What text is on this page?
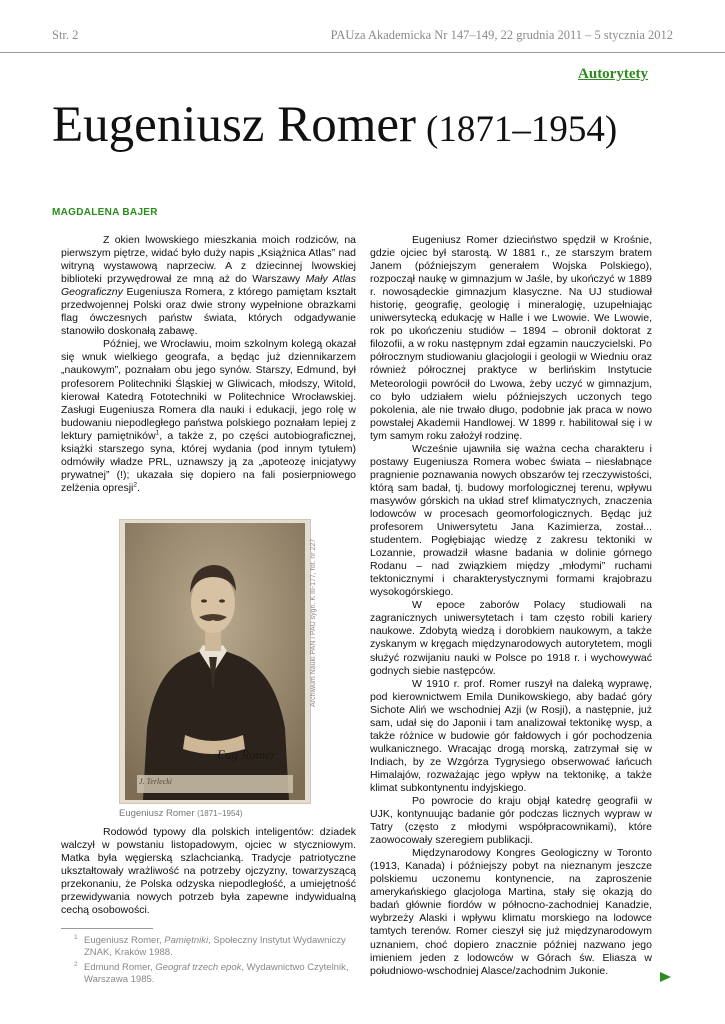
Str. 2	PAUza Akademicka Nr 147–149, 22 grudnia 2011 – 5 stycznia 2012
Autorytety
Eugeniusz Romer (1871–1954)
MAGDALENA BAJER

Z okien lwowskiego mieszkania moich rodziców, na pierwszym piętrze, widać było duży napis „Książnica Atlas” nad witryną wystawową naprzeciw. A z dziecinnej lwowskiej biblioteki przywędrował ze mną aż do Warszawy Mały Atlas Geograficzny Eugeniusza Romera, z którego pamiętam kształt przedwojennej Polski oraz dwie strony wypełnione obrazkami flag ówczesnych państw świata, których odgadywanie stanowiło doskonałą zabawę.

Później, we Wrocławiu, moim szkolnym kolegą okazał się wnuk wielkiego geografa, a będąc już dziennikarzem „naukowym”, poznałam obu jego synów. Starszy, Edmund, był profesorem Politechniki Śląskiej w Gliwicach, młodszy, Witold, kierował Katedrą Fototechniki w Politechnice Wrocławskiej. Zasługi Eugeniusza Romera dla nauki i edukacji, jego rolę w budowaniu niepodległego państwa polskiego poznałam lepiej z lektury pamiętników$^1$, a także z, po części autobiograficznej, książki starszego syna, której wydania (pod innym tytułem) odmówiły władze PRL, uznawszy ją za „apoteozę inicjatywy prywatnej” (!); ukazała się dopiero na fali posierpniowego zelżenia opresji$^2$.

J. Terlecki
Eug Romer
Archiwum Nauki PAN i PAU sygn. K III-177, fot. nr 227
Eugeniusz Romer (1871–1954)

Rodowód typowy dla polskich inteligentów: dziadek walczył w powstaniu listopadowym, ojciec w styczniowym. Matka była węgierską szlachcianką. Tradycje patriotyczne ukształtowały wrażliwość na potrzeby ojczyzny, towarzyszącą przekonaniu, że Polska odzyska niepodległość, a umiejętność przewidywania nowych potrzeb była zapewne indywidualną cechą osobowości.

1 Eugeniusz Romer, Pamiętniki, Społeczny Instytut Wydawniczy ZNAK, Kraków 1988.
2 Edmund Romer, Geograf trzech epok, Wydawnictwo Czytelnik, Warszawa 1985.

Eugeniusz Romer dzieciństwo spędził w Krośnie, gdzie ojciec był starostą. W 1881 r., ze starszym bratem Janem (późniejszym generałem Wojska Polskiego), rozpoczął naukę w gimnazjum w Jaśle, by ukończyć w 1889 r. nowosądeckie gimnazjum klasyczne. Na UJ studiował historię, geografię, geologię i mineralogię, uzupełniając uniwersytecką edukację w Halle i we Lwowie. We Lwowie, rok po ukończeniu studiów – 1894 – obronił doktorat z filozofii, a w roku następnym zdał egzamin nauczycielski. Po półrocznym studiowaniu glacjologii i geologii w Wiedniu oraz również półrocznej praktyce w berlińskim Instytucie Meteorologii powrócił do Lwowa, żeby uczyć w gimnazjum, co było udziałem wielu późniejszych uczonych tego pokolenia, ale nie trwało długo, podobnie jak praca w nowo powstałej Akademii Handlowej. W 1899 r. habilitował się i w tym samym roku założył rodzinę.

Wcześnie ujawniła się ważna cecha charakteru i postawy Eugeniusza Romera wobec świata – niesłabnące pragnienie poznawania nowych obszarów tej rzeczywistości, którą sam badał, tj. budowy morfologicznej terenu, wpływu masywów górskich na układ stref klimatycznych, znaczenia lodowców w procesach geomorfologicznych. Będąc już profesorem Uniwersytetu Jana Kazimierza, został... studentem. Pogłębiając wiedzę z zakresu tektoniki w Lozannie, prowadził własne badania w dolinie górnego Rodanu – nad związkiem między „młodymi” ruchami tektonicznymi i charakterystycznymi formami krajobrazu wysokogórskiego.

W epoce zaborów Polacy studiowali na zagranicznych uniwersytetach i tam często robili kariery naukowe. Zdobytą wiedzą i dorobkiem naukowym, a także zyskanym w kręgach międzynarodowych autorytetem, mogli służyć rozwijaniu nauki w Polsce po 1918 r. i wychowywać godnych siebie następców.

W 1910 r. prof. Romer ruszył na daleką wyprawę, pod kierownictwem Emila Dunikowskiego, aby badać góry Sichote Aliń we wschodniej Azji (w Rosji), a następnie, już sam, udał się do Japonii i tam analizował tektonikę wysp, a także różnice w budowie gór fałdowych i gór pochodzenia wulkanicznego. Wracając drogą morską, zatrzymał się w Indiach, by ze Wzgórza Tygrysiego obserwować łańcuch Himalajów, rozważając jego wpływ na tektonikę, a także klimat subkontynentu indyjskiego.

Po powrocie do kraju objął katedrę geografii w UJK, kontynuując badanie gór podczas licznych wypraw w Tatry (często z młodymi współpracownikami), które zaowocowały szeregiem publikacji.

Międzynarodowy Kongres Geologiczny w Toronto (1913, Kanada) i późniejszy pobyt na nieznanym jeszcze polskiemu uczonemu kontynencie, na zaproszenie amerykańskiego glacjologa Martina, stały się okazją do badań głównie fiordów w północno-zachodniej Kanadzie, wybrzeży Alaski i wpływu klimatu morskiego na lodowce tamtych terenów. Romer cieszył się już międzynarodowym uznaniem, choć dopiero znacznie później nazwano jego imieniem jeden z lodowców w Górach św. Eliasza w południowo-wschodniej Alasce/zachodnim Jukonie.
